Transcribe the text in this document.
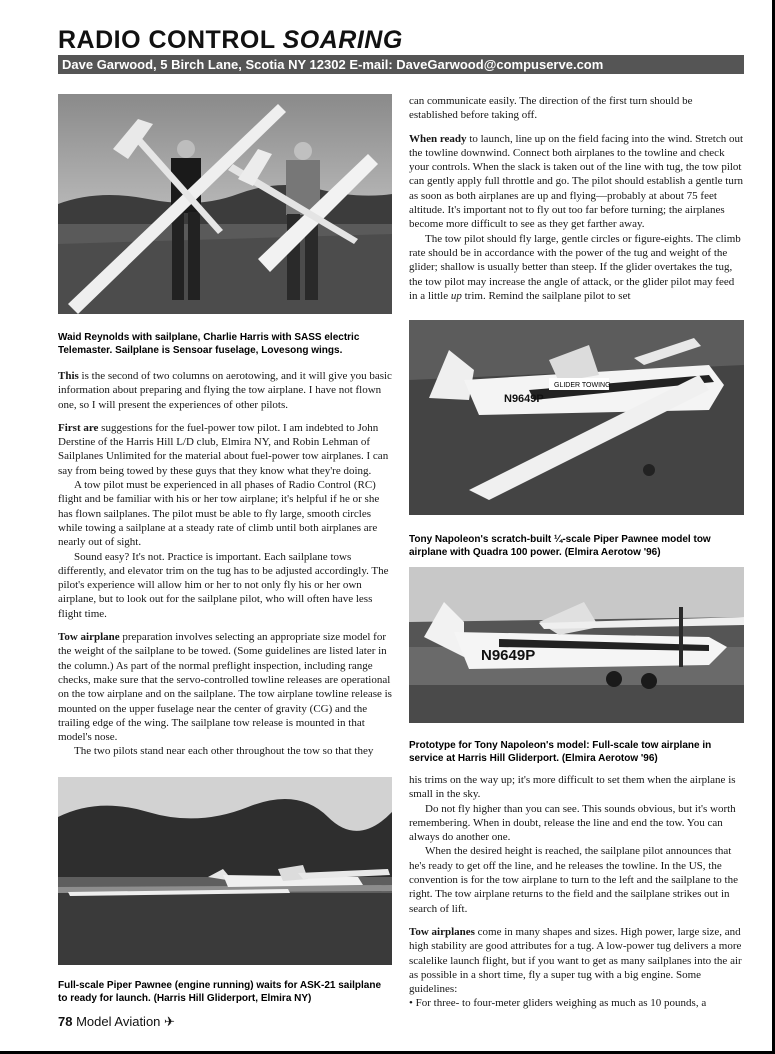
RADIO CONTROL SOARING
Dave Garwood, 5 Birch Lane, Scotia NY 12302 E-mail: DaveGarwood@compuserve.com
Waid Reynolds with sailplane, Charlie Harris with SASS electric Telemaster. Sailplane is Sensoar fuselage, Lovesong wings.

This is the second of two columns on aerotowing, and it will give you basic information about preparing and flying the tow airplane. I have not flown one, so I will present the experiences of other pilots.

First are suggestions for the fuel-power tow pilot. I am indebted to John Derstine of the Harris Hill L/D club, Elmira NY, and Robin Lehman of Sailplanes Unlimited for the material about fuel-power tow airplanes. I can say from being towed by these guys that they know what they're doing.

A tow pilot must be experienced in all phases of Radio Control (RC) flight and be familiar with his or her tow airplane; it's helpful if he or she has flown sailplanes. The pilot must be able to fly large, smooth circles while towing a sailplane at a steady rate of climb until both airplanes are nearly out of sight.

Sound easy? It's not. Practice is important. Each sailplane tows differently, and elevator trim on the tug has to be adjusted accordingly. The pilot's experience will allow him or her to not only fly his or her own airplane, but to look out for the sailplane pilot, who will often have less flight time.

Tow airplane preparation involves selecting an appropriate size model for the weight of the sailplane to be towed. (Some guidelines are listed later in the column.) As part of the normal preflight inspection, including range checks, make sure that the servo-controlled towline releases are operational on the tow airplane and on the sailplane. The tow airplane towline release is mounted on the upper fuselage near the center of gravity (CG) and the trailing edge of the wing. The sailplane tow release is mounted in that model's nose.

The two pilots stand near each other throughout the tow so that they

can communicate easily. The direction of the first turn should be established before taking off.

When ready to launch, line up on the field facing into the wind. Stretch out the towline downwind. Connect both airplanes to the towline and check your controls. When the slack is taken out of the line with tug, the tow pilot can gently apply full throttle and go. The pilot should establish a gentle turn as soon as both airplanes are up and flying—probably at about 75 feet altitude. It's important not to fly out too far before turning; the airplanes become more difficult to see as they get farther away.

The tow pilot should fly large, gentle circles or figure-eights. The climb rate should be in accordance with the power of the tug and weight of the glider; shallow is usually better than steep. If the glider overtakes the tug, the tow pilot may increase the angle of attack, or the glider pilot may feed in a little up trim. Remind the sailplane pilot to set

GLIDER TOWING
N9649P
Tony Napoleon's scratch-built ¼-scale Piper Pawnee model tow airplane with Quadra 100 power. (Elmira Aerotow '96)
N9649P
Prototype for Tony Napoleon's model: Full-scale tow airplane in service at Harris Hill Gliderport. (Elmira Aerotow '96)

his trims on the way up; it's more difficult to set them when the airplane is small in the sky.

Do not fly higher than you can see. This sounds obvious, but it's worth remembering. When in doubt, release the line and end the tow. You can always do another one.

When the desired height is reached, the sailplane pilot announces that he's ready to get off the line, and he releases the towline. In the US, the convention is for the tow airplane to turn to the left and the sailplane to the right. The tow airplane returns to the field and the sailplane strikes out in search of lift.

Tow airplanes come in many shapes and sizes. High power, large size, and high stability are good attributes for a tug. A low-power tug delivers a more scalelike launch flight, but if you want to get as many sailplanes into the air as possible in a short time, fly a super tug with a big engine. Some guidelines:

• For three- to four-meter gliders weighing as much as 10 pounds, a

Full-scale Piper Pawnee (engine running) waits for ASK-21 sailplane to ready for launch. (Harris Hill Gliderport, Elmira NY)
78 Model Aviation ✈
